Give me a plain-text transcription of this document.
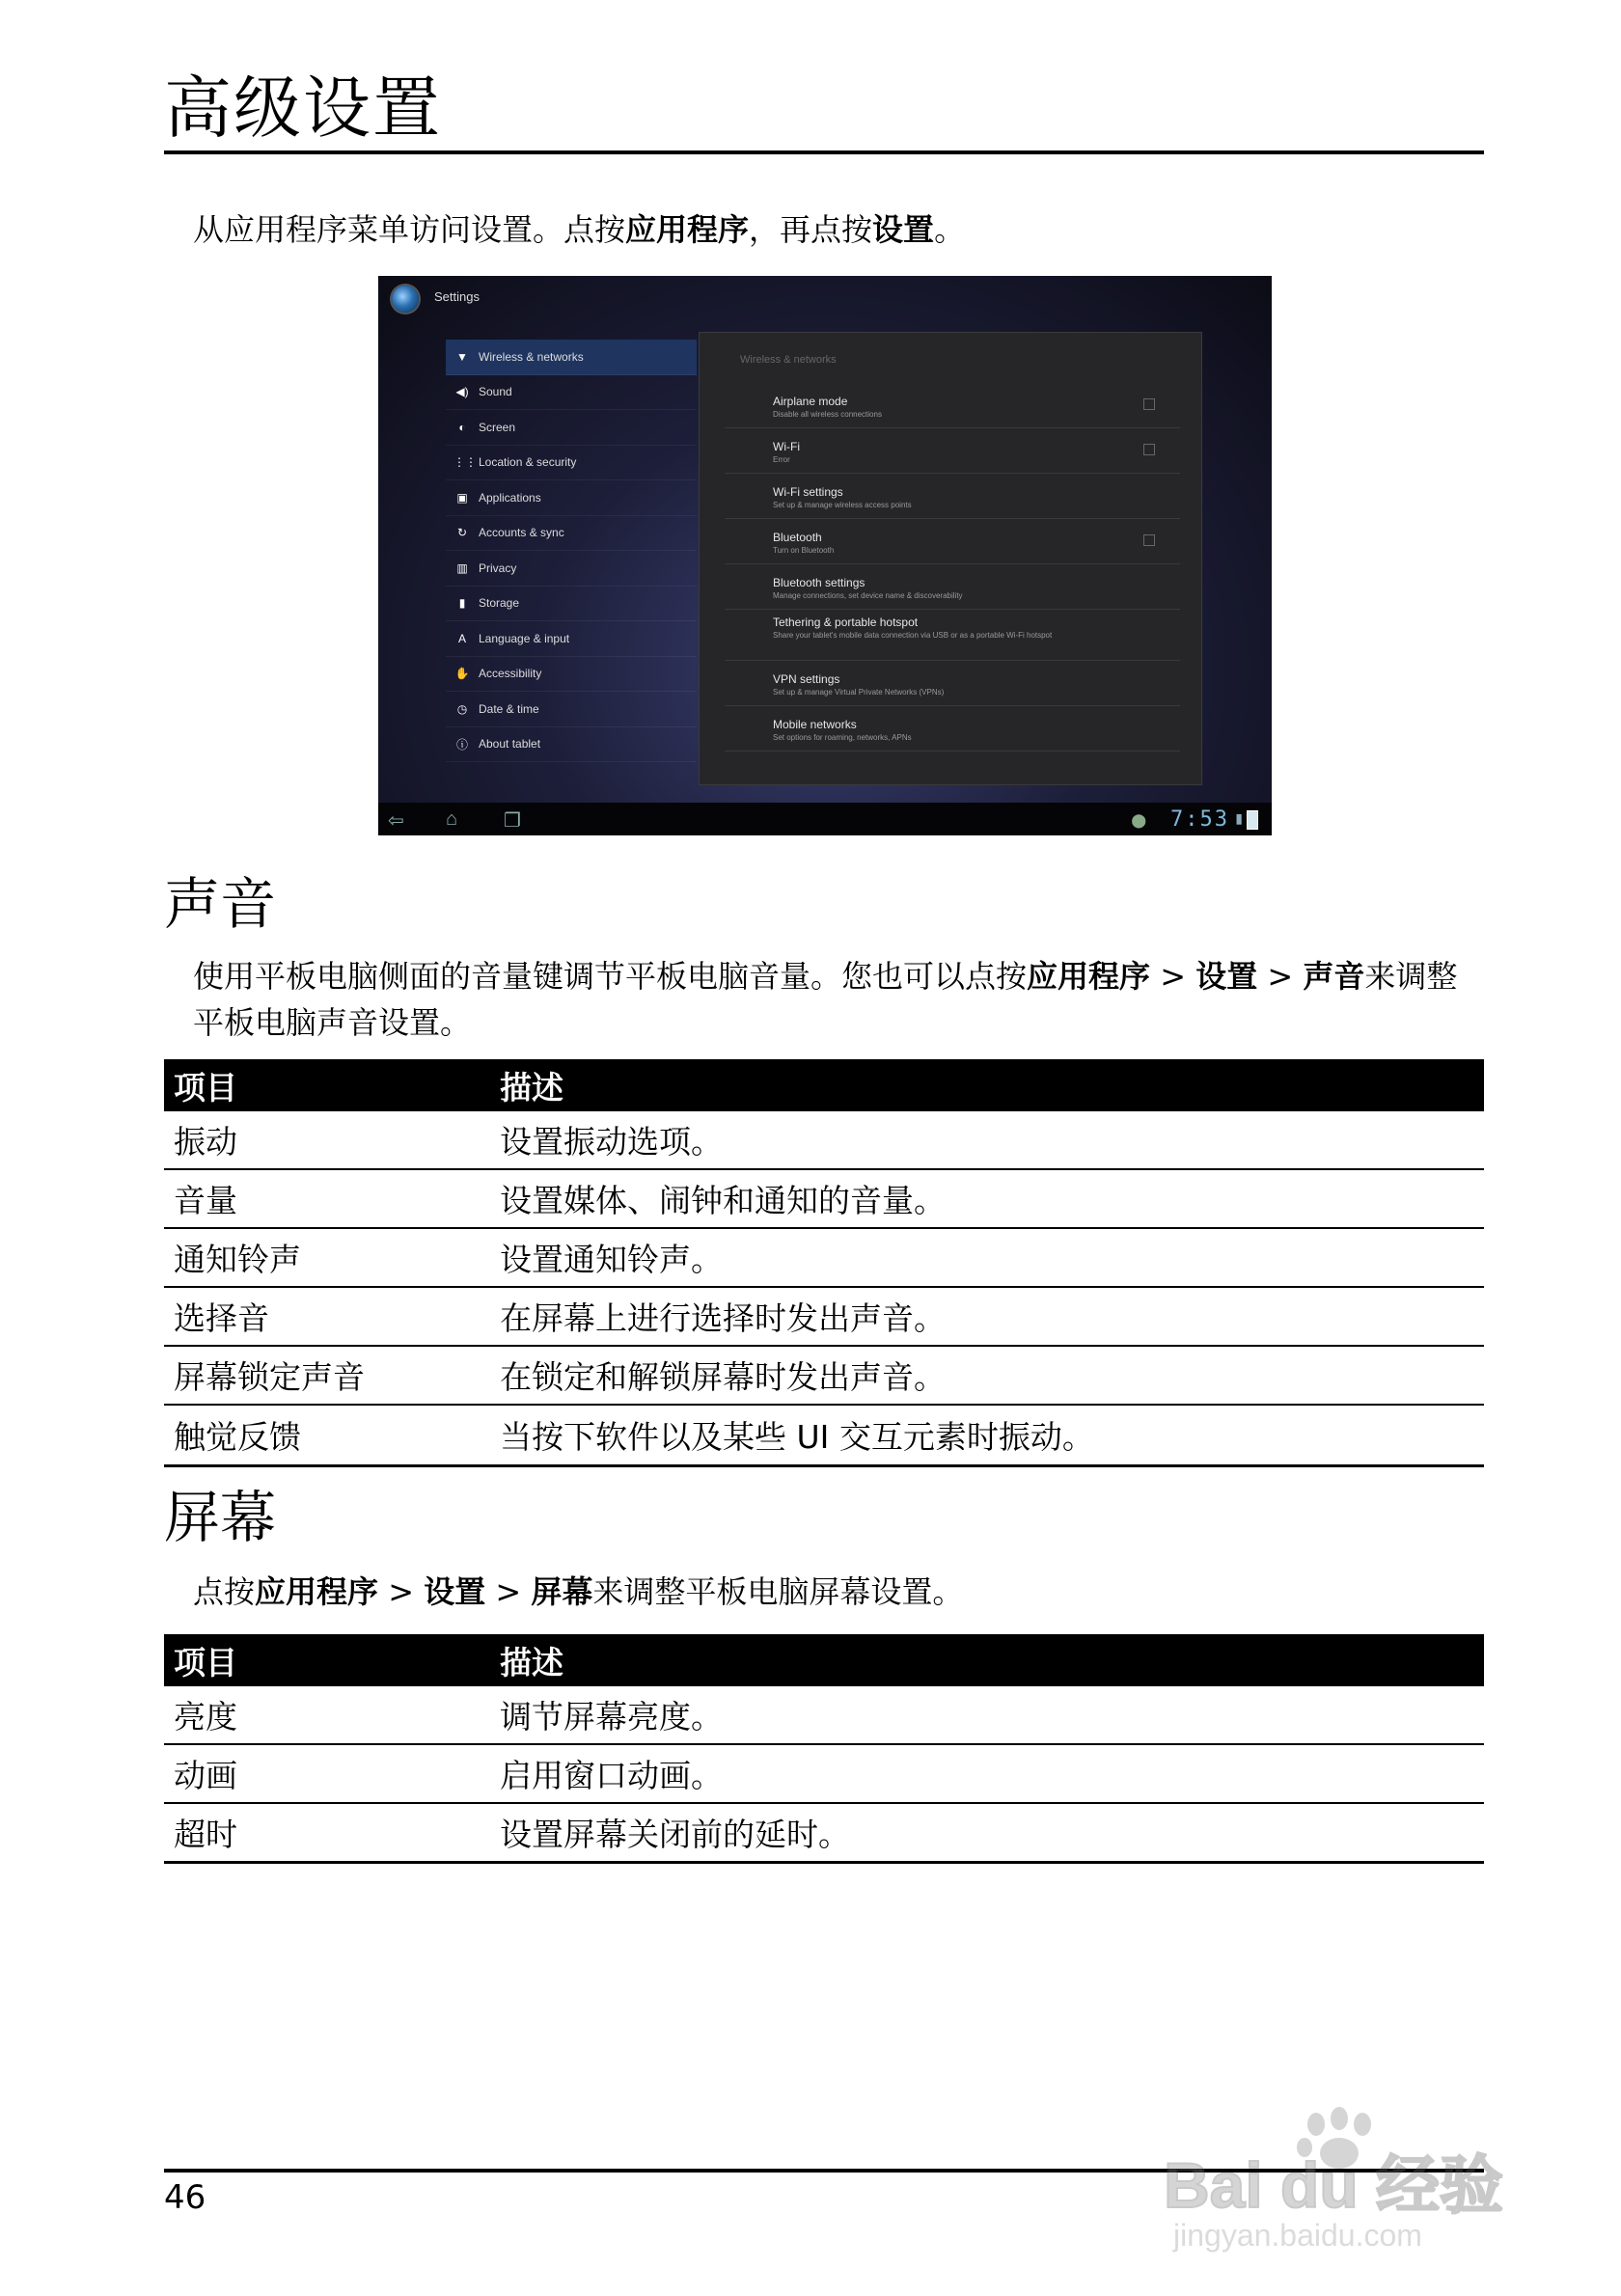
高级设置
从应用程序菜单访问设置。点按应用程序，再点按设置。
Settings
▼ Wireless & networks
◀) Sound
◐	Screen
⋮⋮ Location & security
▣ Applications
↻ Accounts & sync
▥ Privacy
▮	Storage
A	Language & input
✋ Accessibility
◷ Date & time
ⓘ About tablet
Wireless & networks
Airplane mode
Disable all wireless connections
Wi-Fi
Error
Wi-Fi settings
Set up & manage wireless access points
Bluetooth
Turn on Bluetooth
Bluetooth settings
Manage connections, set device name & discoverability
Tethering & portable hotspot
Share your tablet's mobile data connection via USB or as a portable Wi-Fi hotspot
VPN settings
Set up & manage Virtual Private Networks (VPNs)
Mobile networks
Set options for roaming, networks, APNs
⇦ ⌂ ❐	⬤ 7:53 ▮
声音
使用平板电脑侧面的音量键调节平板电脑音量。您也可以点按应用程序 > 设置 > 声音来调整平板电脑声音设置。
项目	描述
振动	设置振动选项。
音量	设置媒体、闹钟和通知的音量。
通知铃声	设置通知铃声。
选择音	在屏幕上进行选择时发出声音。
屏幕锁定声音	在锁定和解锁屏幕时发出声音。
触觉反馈	当按下软件以及某些 UI 交互元素时振动。
屏幕
点按应用程序 > 设置 > 屏幕来调整平板电脑屏幕设置。
项目	描述
亮度	调节屏幕亮度。
动画	启用窗口动画。
超时	设置屏幕关闭前的延时。
46	Bai du 经验
jingyan.baidu.com
